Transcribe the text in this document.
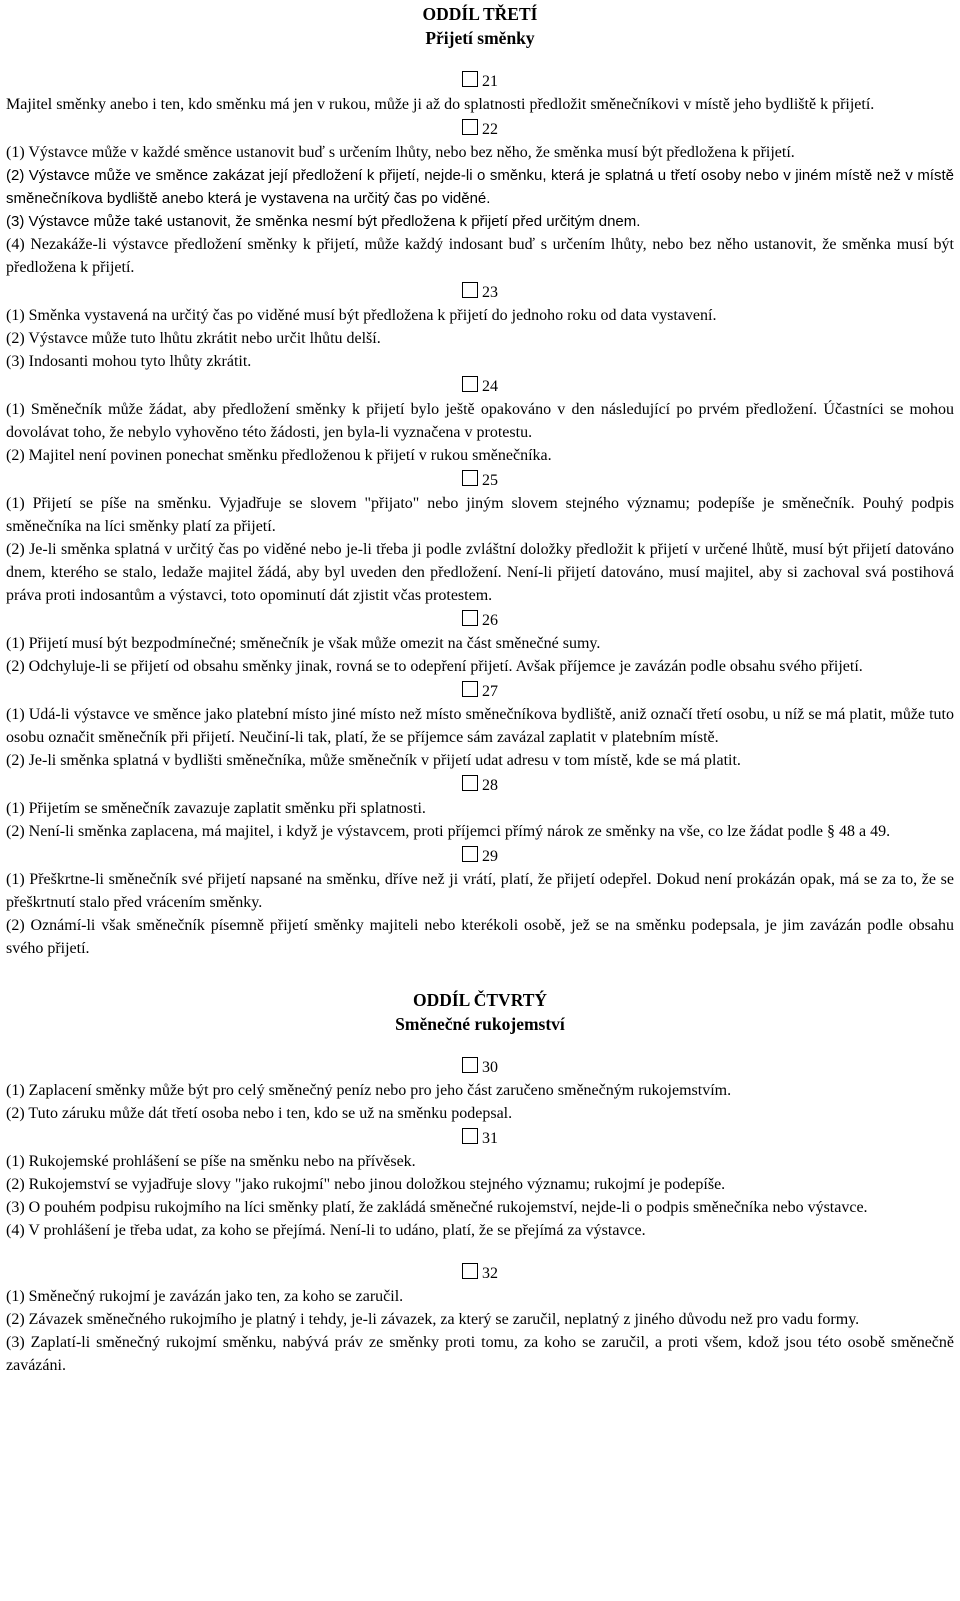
ODDÍL TŘETÍ
Přijetí směnky
21

Majitel směnky anebo i ten, kdo směnku má jen v rukou, může ji až do splatnosti předložit směnečníkovi v místě jeho bydliště k přijetí.

22

(1) Výstavce může v každé směnce ustanovit buď s určením lhůty, nebo bez něho, že směnka musí být předložena k přijetí.

(2) Výstavce může ve směnce zakázat její předložení k přijetí, nejde-li o směnku, která je splatná u třetí osoby nebo v jiném místě než v místě směnečníkova bydliště anebo která je vystavena na určitý čas po viděné.

(3) Výstavce může také ustanovit, že směnka nesmí být předložena k přijetí před určitým dnem.

(4) Nezakáže-li výstavce předložení směnky k přijetí, může každý indosant buď s určením lhůty, nebo bez něho ustanovit, že směnka musí být předložena k přijetí.

23

(1) Směnka vystavená na určitý čas po viděné musí být předložena k přijetí do jednoho roku od data vystavení.

(2) Výstavce může tuto lhůtu zkrátit nebo určit lhůtu delší.

(3) Indosanti mohou tyto lhůty zkrátit.

24

(1) Směnečník může žádat, aby předložení směnky k přijetí bylo ještě opakováno v den následující po prvém předložení. Účastníci se mohou dovolávat toho, že nebylo vyhověno této žádosti, jen byla-li vyznačena v protestu.

(2) Majitel není povinen ponechat směnku předloženou k přijetí v rukou směnečníka.

25

(1) Přijetí se píše na směnku. Vyjadřuje se slovem "přijato" nebo jiným slovem stejného významu; podepíše je směnečník. Pouhý podpis směnečníka na líci směnky platí za přijetí.

(2) Je-li směnka splatná v určitý čas po viděné nebo je-li třeba ji podle zvláštní doložky předložit k přijetí v určené lhůtě, musí být přijetí datováno dnem, kterého se stalo, ledaže majitel žádá, aby byl uveden den předložení. Není-li přijetí datováno, musí majitel, aby si zachoval svá postihová práva proti indosantům a výstavci, toto opominutí dát zjistit včas protestem.

26

(1) Přijetí musí být bezpodmínečné; směnečník je však může omezit na část směnečné sumy.

(2) Odchyluje-li se přijetí od obsahu směnky jinak, rovná se to odepření přijetí. Avšak příjemce je zavázán podle obsahu svého přijetí.

27

(1) Udá-li výstavce ve směnce jako platební místo jiné místo než místo směnečníkova bydliště, aniž označí třetí osobu, u níž se má platit, může tuto osobu označit směnečník při přijetí. Neučiní-li tak, platí, že se příjemce sám zavázal zaplatit v platebním místě.

(2) Je-li směnka splatná v bydlišti směnečníka, může směnečník v přijetí udat adresu v tom místě, kde se má platit.

28

(1) Přijetím se směnečník zavazuje zaplatit směnku při splatnosti.

(2) Není-li směnka zaplacena, má majitel, i když je výstavcem, proti příjemci přímý nárok ze směnky na vše, co lze žádat podle § 48 a 49.

29

(1) Přeškrtne-li směnečník své přijetí napsané na směnku, dříve než ji vrátí, platí, že přijetí odepřel. Dokud není prokázán opak, má se za to, že se přeškrtnutí stalo před vrácením směnky.

(2) Oznámí-li však směnečník písemně přijetí směnky majiteli nebo kterékoli osobě, jež se na směnku podepsala, je jim zavázán podle obsahu svého přijetí.

ODDÍL ČTVRTÝ
Směnečné rukojemství
30

(1) Zaplacení směnky může být pro celý směnečný peníz nebo pro jeho část zaručeno směnečným rukojemstvím.

(2) Tuto záruku může dát třetí osoba nebo i ten, kdo se už na směnku podepsal.

31

(1) Rukojemské prohlášení se píše na směnku nebo na přívěsek.

(2) Rukojemství se vyjadřuje slovy "jako rukojmí" nebo jinou doložkou stejného významu; rukojmí je podepíše.

(3) O pouhém podpisu rukojmího na líci směnky platí, že zakládá směnečné rukojemství, nejde-li o podpis směnečníka nebo výstavce.

(4) V prohlášení je třeba udat, za koho se přejímá. Není-li to udáno, platí, že se přejímá za výstavce.

32

(1) Směnečný rukojmí je zavázán jako ten, za koho se zaručil.

(2) Závazek směnečného rukojmího je platný i tehdy, je-li závazek, za který se zaručil, neplatný z jiného důvodu než pro vadu formy.

(3) Zaplatí-li směnečný rukojmí směnku, nabývá práv ze směnky proti tomu, za koho se zaručil, a proti všem, kdož jsou této osobě směnečně zavázáni.
